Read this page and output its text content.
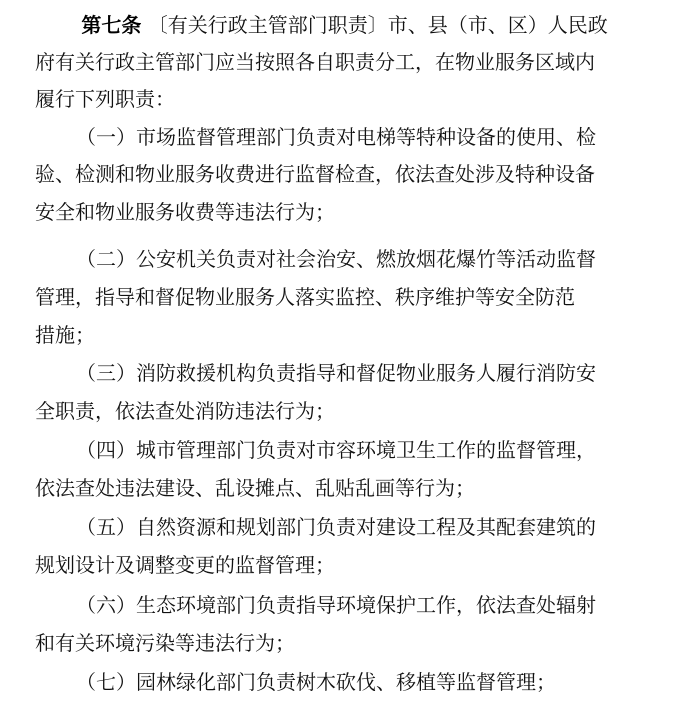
第七条 〔有关行政主管部门职责〕市、县（市、区）人民政
府有关行政主管部门应当按照各自职责分工，在物业服务区域内
履行下列职责：
（一）市场监督管理部门负责对电梯等特种设备的使用、检
验、检测和物业服务收费进行监督检查，依法查处涉及特种设备
安全和物业服务收费等违法行为；
（二）公安机关负责对社会治安、燃放烟花爆竹等活动监督
管理，指导和督促物业服务人落实监控、秩序维护等安全防范
措施；
（三）消防救援机构负责指导和督促物业服务人履行消防安
全职责，依法查处消防违法行为；
（四）城市管理部门负责对市容环境卫生工作的监督管理，
依法查处违法建设、乱设摊点、乱贴乱画等行为；
（五）自然资源和规划部门负责对建设工程及其配套建筑的
规划设计及调整变更的监督管理；
（六）生态环境部门负责指导环境保护工作，依法查处辐射
和有关环境污染等违法行为；
（七）园林绿化部门负责树木砍伐、移植等监督管理；
